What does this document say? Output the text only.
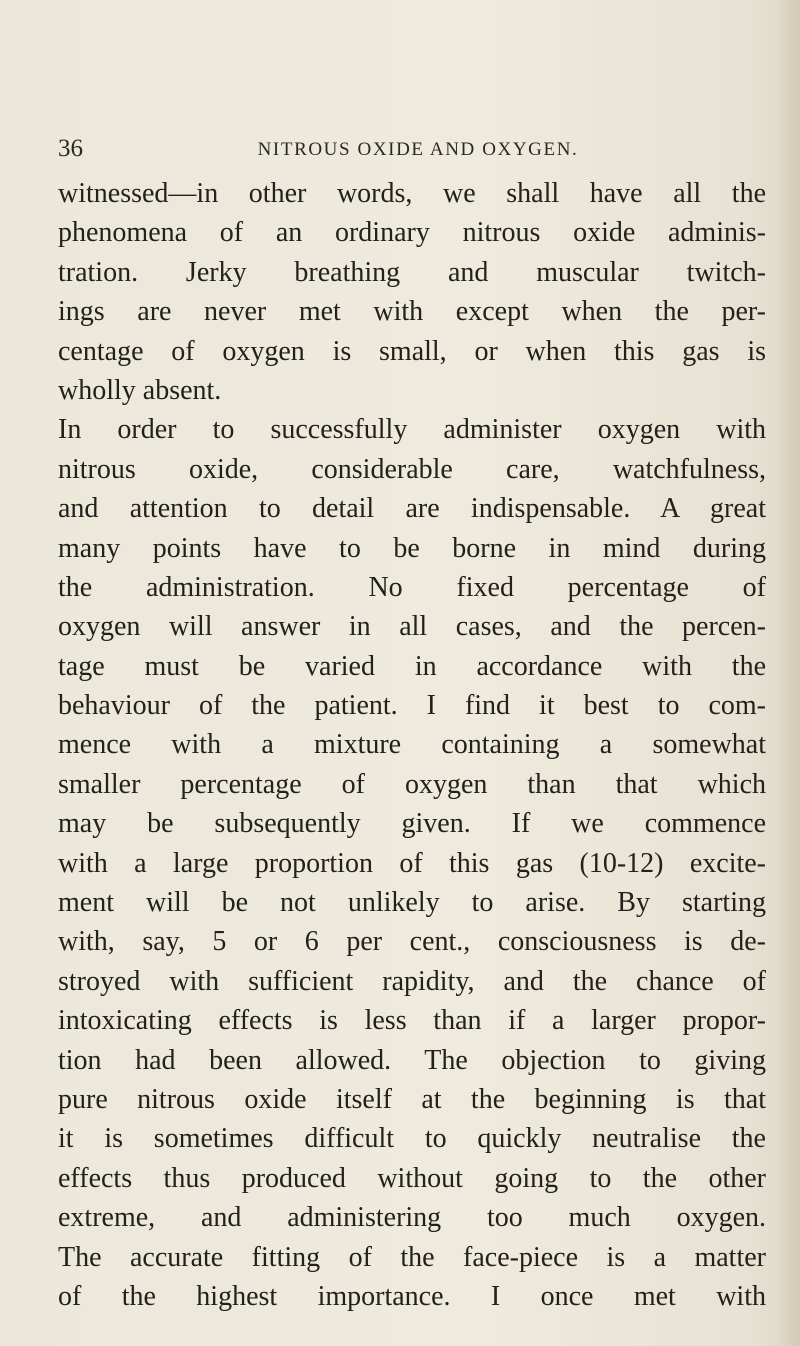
36	NITROUS OXIDE AND OXYGEN.
witnessed—in other words, we shall have all the
phenomena of an ordinary nitrous oxide adminis-
tration. Jerky breathing and muscular twitch-
ings are never met with except when the per-
centage of oxygen is small, or when this gas is
wholly absent.
In order to successfully administer oxygen with
nitrous oxide, considerable care, watchfulness,
and attention to detail are indispensable. A great
many points have to be borne in mind during
the administration. No fixed percentage of
oxygen will answer in all cases, and the percen-
tage must be varied in accordance with the
behaviour of the patient. I find it best to com-
mence with a mixture containing a somewhat
smaller percentage of oxygen than that which
may be subsequently given. If we commence
with a large proportion of this gas (10-12) excite-
ment will be not unlikely to arise. By starting
with, say, 5 or 6 per cent., consciousness is de-
stroyed with sufficient rapidity, and the chance of
intoxicating effects is less than if a larger propor-
tion had been allowed. The objection to giving
pure nitrous oxide itself at the beginning is that
it is sometimes difficult to quickly neutralise the
effects thus produced without going to the other
extreme, and administering too much oxygen.
The accurate fitting of the face-piece is a matter
of the highest importance. I once met with
